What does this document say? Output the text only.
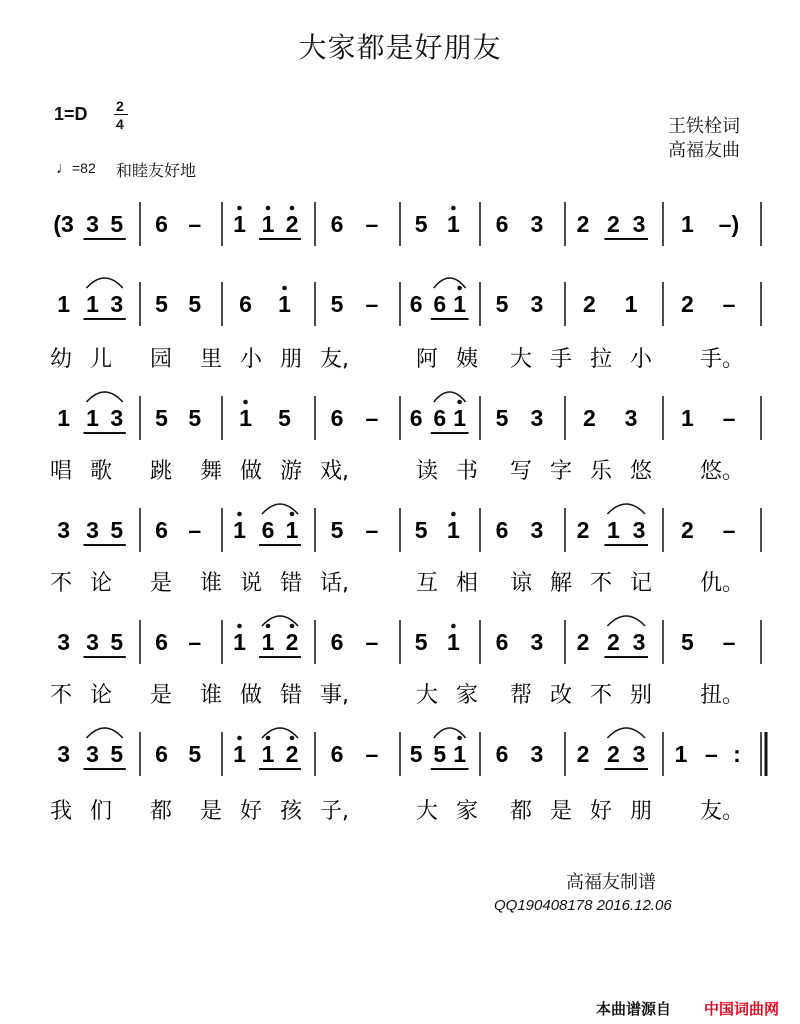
大家都是好朋友
1=D 2
4	王铁栓词
高福友曲
♩=82 和睦友好地
(3 3 5 6 – 1 1 2 6 – 5 1 6 3 2 2 3 1 –)
1 1 3 5 5 6 1 5 – 6 6 1 5 3 2 1 2 –
幼 儿 园 里 小 朋 友,	阿 姨 大 手 拉 小 手。
1 1 3 5 5 1 5 6 – 6 6 1 5 3 2 3 1 –
唱 歌 跳 舞 做 游 戏,	读 书 写 字 乐 悠 悠。
3 3 5 6 – 1 6 1 5 – 5 1 6 3 2 1 3 2 –
不 论 是 谁 说 错 话,	互 相 谅 解 不 记 仇。
3 3 5 6 – 1 1 2 6 – 5 1 6 3 2 2 3 5 –
不 论 是 谁 做 错 事,	大 家 帮 改 不 别 扭。
3 3 5 6 5 1 1 2 6 – 5 5 1 6 3 2 2 3 1 – :
我 们 都 是 好 孩 子,	大 家 都 是 好 朋 友。
高福友制谱
QQ190408178 2016.12.06
本曲谱源自 中国词曲网
